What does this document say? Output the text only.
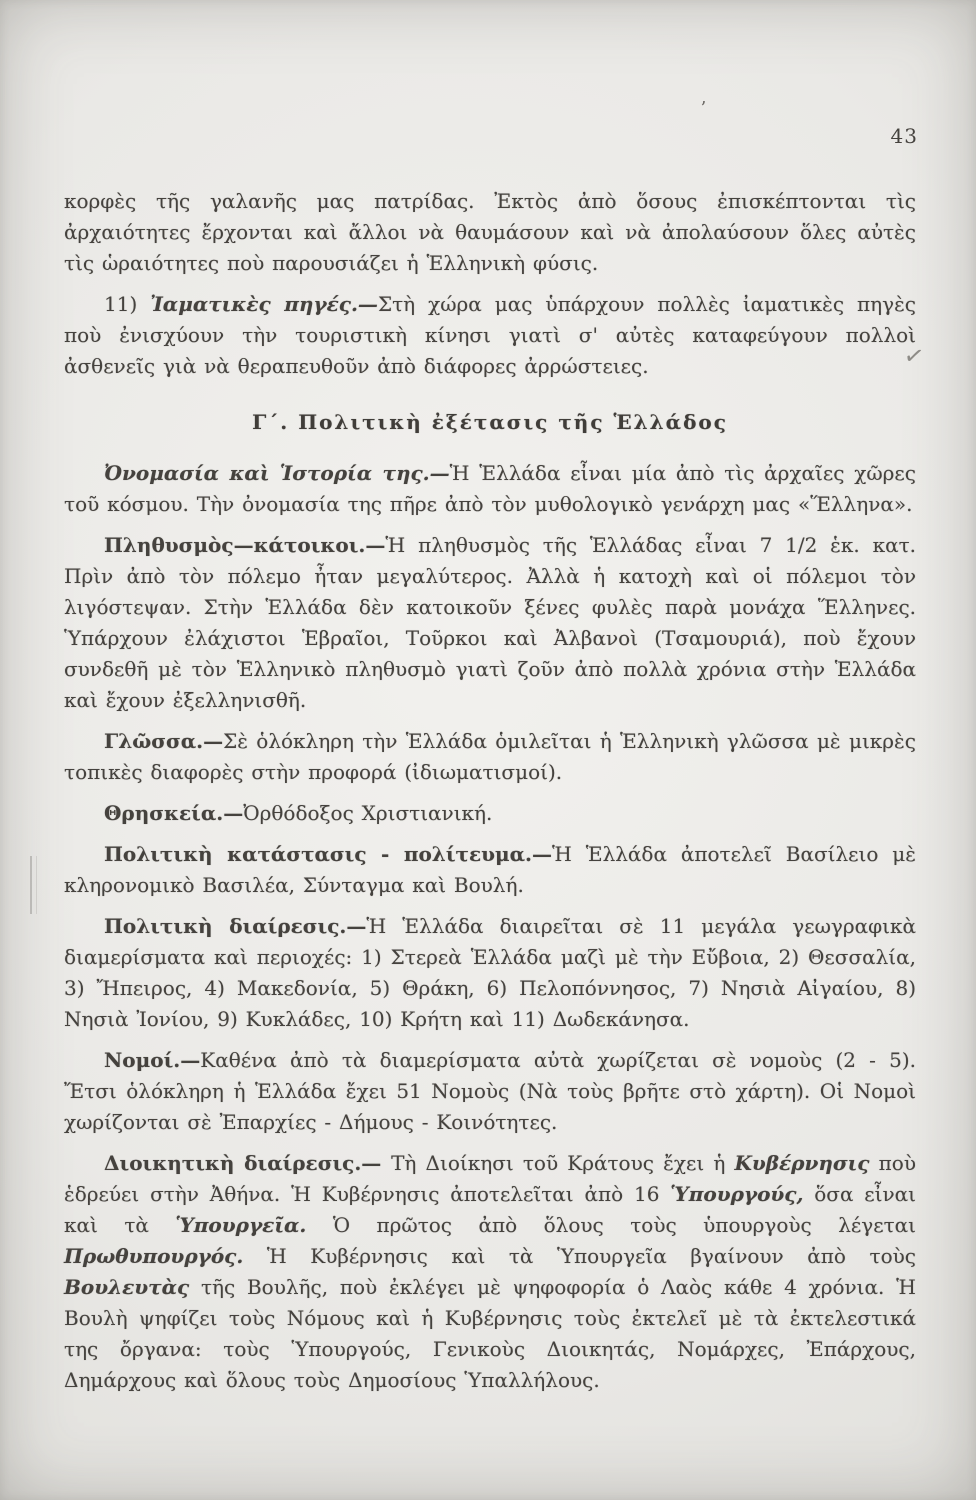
ʼ
43
✓

κορφὲς τῆς γαλανῆς μας πατρίδας. Ἐκτὸς ἀπὸ ὅσους ἐπισκέπτονται τὶς ἀρχαιότητες ἔρχονται καὶ ἄλλοι νὰ θαυμάσουν καὶ νὰ ἀπολαύσουν ὅλες αὐτὲς τὶς ὡραιότητες ποὺ παρουσιάζει ἡ Ἑλληνικὴ φύσις.

11) Ἰαματικὲς πηγές.—Στὴ χώρα μας ὑπάρχουν πολλὲς ἰαματικὲς πηγὲς ποὺ ἐνισχύουν τὴν τουριστικὴ κίνησι γιατὶ σ' αὐτὲς καταφεύγουν πολλοὶ ἀσθενεῖς γιὰ νὰ θεραπευθοῦν ἀπὸ διάφορες ἀρρώστειες.

Γ΄. Πολιτικὴ ἐξέτασις τῆς Ἑλλάδος

Ὀνομασία καὶ Ἱστορία της.—Ἡ Ἑλλάδα εἶναι μία ἀπὸ τὶς ἀρχαῖες χῶρες τοῦ κόσμου. Τὴν ὀνομασία της πῆρε ἀπὸ τὸν μυθολογικὸ γενάρχη μας «Ἕλληνα».

Πληθυσμὸς—κάτοικοι.—Ἡ πληθυσμὸς τῆς Ἑλλάδας εἶναι 7 1/2 ἑκ. κατ. Πρὶν ἀπὸ τὸν πόλεμο ἦταν μεγαλύτερος. Ἀλλὰ ἡ κατοχὴ καὶ οἱ πόλεμοι τὸν λιγόστεψαν. Στὴν Ἑλλάδα δὲν κατοικοῦν ξένες φυλὲς παρὰ μονάχα Ἕλληνες. Ὑπάρχουν ἐλάχιστοι Ἑβραῖοι, Τοῦρκοι καὶ Ἀλβανοὶ (Τσαμουριά), ποὺ ἔχουν συνδεθῆ μὲ τὸν Ἑλληνικὸ πληθυσμὸ γιατὶ ζοῦν ἀπὸ πολλὰ χρόνια στὴν Ἑλλάδα καὶ ἔχουν ἐξελληνισθῆ.

Γλῶσσα.—Σὲ ὁλόκληρη τὴν Ἑλλάδα ὁμιλεῖται ἡ Ἑλληνικὴ γλῶσσα μὲ μικρὲς τοπικὲς διαφορὲς στὴν προφορά (ἰδιωματισμοί).

Θρησκεία.—Ὀρθόδοξος Χριστιανική.

Πολιτικὴ κατάστασις - πολίτευμα.—Ἡ Ἑλλάδα ἀποτελεῖ Βασίλειο μὲ κληρονομικὸ Βασιλέα, Σύνταγμα καὶ Βουλή.

Πολιτικὴ διαίρεσις.—Ἡ Ἑλλάδα διαιρεῖται σὲ 11 μεγάλα γεωγραφικὰ διαμερίσματα καὶ περιοχές: 1) Στερεὰ Ἑλλάδα μαζὶ μὲ τὴν Εὔβοια, 2) Θεσσαλία, 3) Ἤπειρος, 4) Μακεδονία, 5) Θράκη, 6) Πελοπόννησος, 7) Νησιὰ Αἰγαίου, 8) Νησιὰ Ἰονίου, 9) Κυκλάδες, 10) Κρήτη καὶ 11) Δωδεκάνησα.

Νομοί.—Καθένα ἀπὸ τὰ διαμερίσματα αὐτὰ χωρίζεται σὲ νομοὺς (2 - 5). Ἔτσι ὁλόκληρη ἡ Ἑλλάδα ἔχει 51 Νομοὺς (Νὰ τοὺς βρῆτε στὸ χάρτη). Οἱ Νομοὶ χωρίζονται σὲ Ἐπαρχίες - Δήμους - Κοινότητες.

Διοικητικὴ διαίρεσις.— Τὴ Διοίκησι τοῦ Κράτους ἔχει ἡ Κυβέρνησις ποὺ ἑδρεύει στὴν Ἀθήνα. Ἡ Κυβέρνησις ἀποτελεῖται ἀπὸ 16 Ὑπουργούς, ὅσα εἶναι καὶ τὰ Ὑπουργεῖα. Ὁ πρῶτος ἀπὸ ὅλους τοὺς ὑπουργοὺς λέγεται Πρωθυπουργός. Ἡ Κυβέρνησις καὶ τὰ Ὑπουργεῖα βγαίνουν ἀπὸ τοὺς Βουλευτὰς τῆς Βουλῆς, ποὺ ἐκλέγει μὲ ψηφοφορία ὁ Λαὸς κάθε 4 χρόνια. Ἡ Βουλὴ ψηφίζει τοὺς Νόμους καὶ ἡ Κυβέρνησις τοὺς ἐκτελεῖ μὲ τὰ ἐκτελεστικά της ὄργανα: τοὺς Ὑπουργούς, Γενικοὺς Διοικητάς, Νομάρχες, Ἐπάρχους, Δημάρχους καὶ ὅλους τοὺς Δημοσίους Ὑπαλλήλους.
